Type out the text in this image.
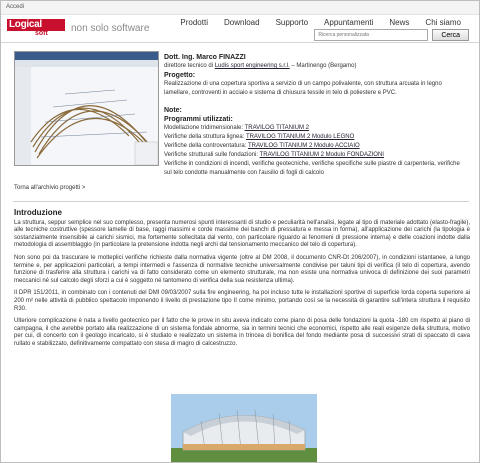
Accedi
Logical
soft non solo software
Prodotti	Download	Supporto	Appuntamenti	News	Chi siamo
Ricerca personalizzata
Cerca
Dott. Ing. Marco FINAZZI
direttore tecnico di Ludis sport engineering s.r.l. – Martinengo (Bergamo)
Progetto:
Realizzazione di una copertura sportiva a servizio di un campo polivalente, con struttura arcuata in legno lamellare, controventi in acciaio e sistema di chiusura tessile in telo di poliestere e PVC.
Note:
Programmi utilizzati:
Modellazione tridimensionale: TRAVILOG TITANIUM 2
Verifiche della struttura lignea: TRAVILOG TITANIUM 2 Modulo LEGNO
Verifiche della controventatura: TRAVILOG TITANIUM 2 Modulo ACCIAIO
Verifiche strutturali sulle fondazioni: TRAVILOG TITANIUM 2 Modulo FONDAZIONI
Verifiche in condizioni di incendi, verifiche geotecniche, verifiche specifiche sulle piastre di carpenteria, verifiche sul telo condotte manualmente con l'ausilio di fogli di calcolo
Torna all'archivio progetti >
Introduzione

La struttura, seppur semplice nel suo complesso, presenta numerosi spunti interessanti di studio e peculiarità nell'analisi, legate al tipo di materiale adottato (elasto-fragile), alle tecniche costruttive (spessore lamelle di base, raggi massimi e corde massime dei banchi di pressatura e messa in forma), all'applicazione dei carichi (la tipologia è sostanzialmente insensibile ai carichi sismici, ma fortemente sollecitata dal vento, con particolare riguardo ai fenomeni di pressione interna) e delle coazioni indotte dalla metodologia di assemblaggio (in particolare la pretensione indotta negli archi dal tensionamento meccanico del telo di copertura).

Non sono poi da trascurare le molteplici verifiche richieste dalla normativa vigente (oltre al DM 2008, il documento CNR-Dt 206/2007), in condizioni istantanee, a lungo termine e, per applicazioni particolari, a tempi intermedi e l'assenza di normative tecniche universalmente condivise per taluni tipi di verifica (il telo di copertura, avendo funzione di trasferire alla struttura i carichi va di fatto considerato come un elemento strutturale, ma non esiste una normativa univoca di definizione dei suoi parametri meccanici né sul calcolo degli sforzi a cui è soggetto né tantomeno di verifica della sua resistenza ultima).

Il DPR 151/2011, in combinato con i contenuti del DMI 09/03/2007 sulla fire engineering, ha poi incluso tutte le installazioni sportive di superficie lorda coperta superiore ai 200 m² nelle attività di pubblico spettacolo imponendo il livello di prestazione tipo II come minimo, portando così se la necessità di garantire sull'intera struttura il requisito R30.

Ulteriore complicazione è nata a livello geotecnico per il fatto che le prove in situ aveva indicato come piano di posa delle fondazioni la quota -180 cm rispetto al piano di campagna, il che avrebbe portato alla realizzazione di un sistema fondale abnorme, sia in termini tecnici che economici, rispetto alle reali esigenze della struttura, motivo per cui, di concerto con il geologo incaricato, si è studiato e realizzato un sistema in trincea di bonifica del fondo mediante posa di successivi strati di spaccato di cava rullato e stabilizzato, definitivamente compattato con stesa di magro di calcestruzzo.
